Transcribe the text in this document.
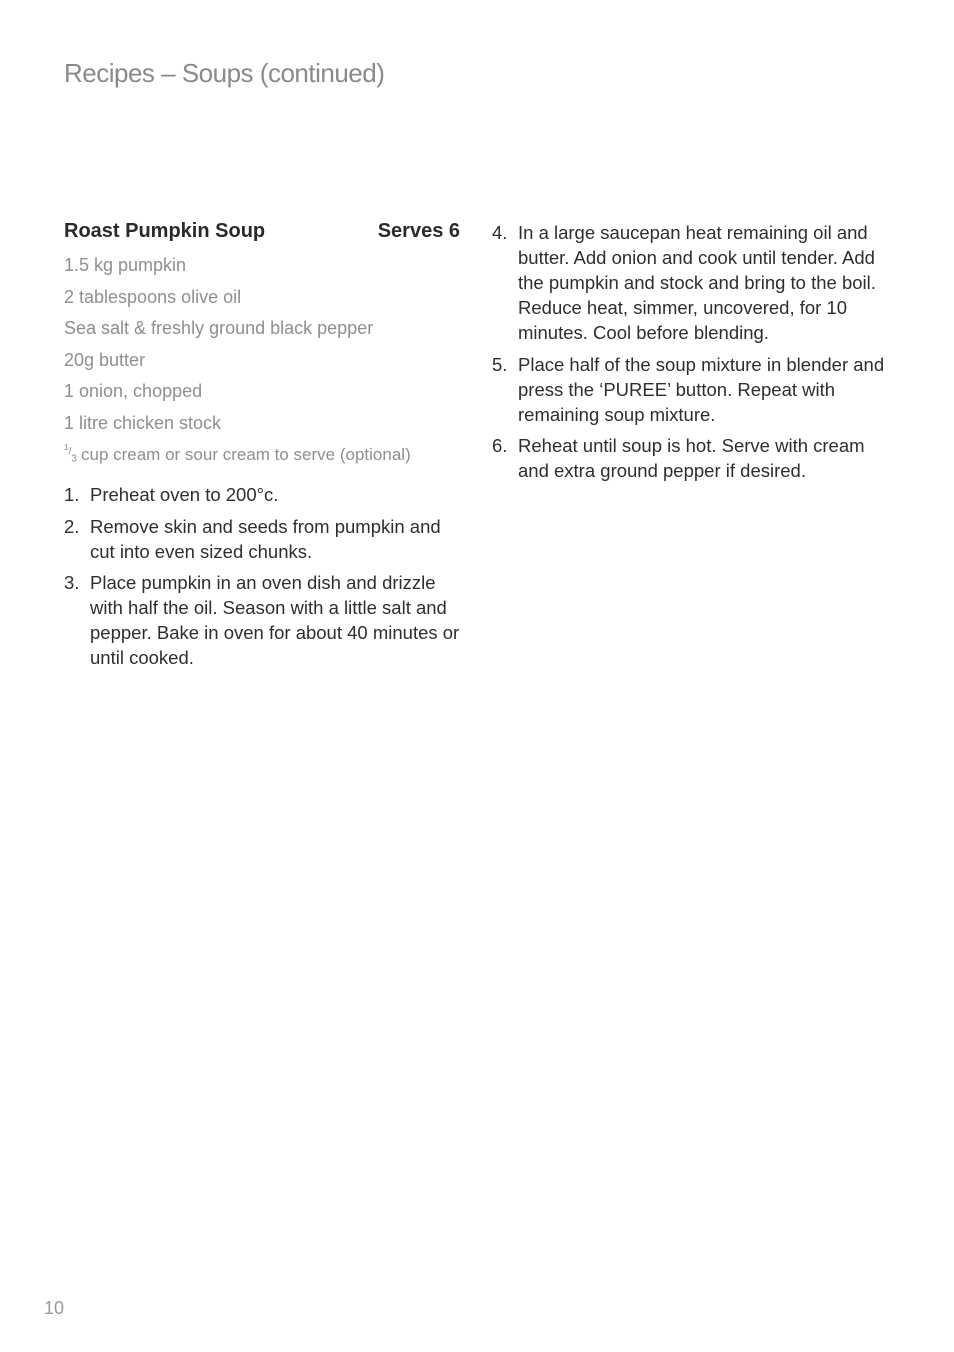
Recipes – Soups (continued)
Roast Pumpkin Soup	Serves 6
1.5 kg pumpkin
2 tablespoons olive oil
Sea salt & freshly ground black pepper
20g butter
1 onion, chopped
1 litre chicken stock
$^1/_3$ cup cream or sour cream to serve (optional)
1. Preheat oven to 200°c.
2. Remove skin and seeds from pumpkin and cut into even sized chunks.
3. Place pumpkin in an oven dish and drizzle with half the oil. Season with a little salt and pepper. Bake in oven for about 40 minutes or until cooked.
4. In a large saucepan heat remaining oil and butter. Add onion and cook until tender. Add the pumpkin and stock and bring to the boil. Reduce heat, simmer, uncovered, for 10 minutes. Cool before blending.
5. Place half of the soup mixture in blender and press the ‘PUREE’ button. Repeat with remaining soup mixture.
6. Reheat until soup is hot. Serve with cream and extra ground pepper if desired.
10
